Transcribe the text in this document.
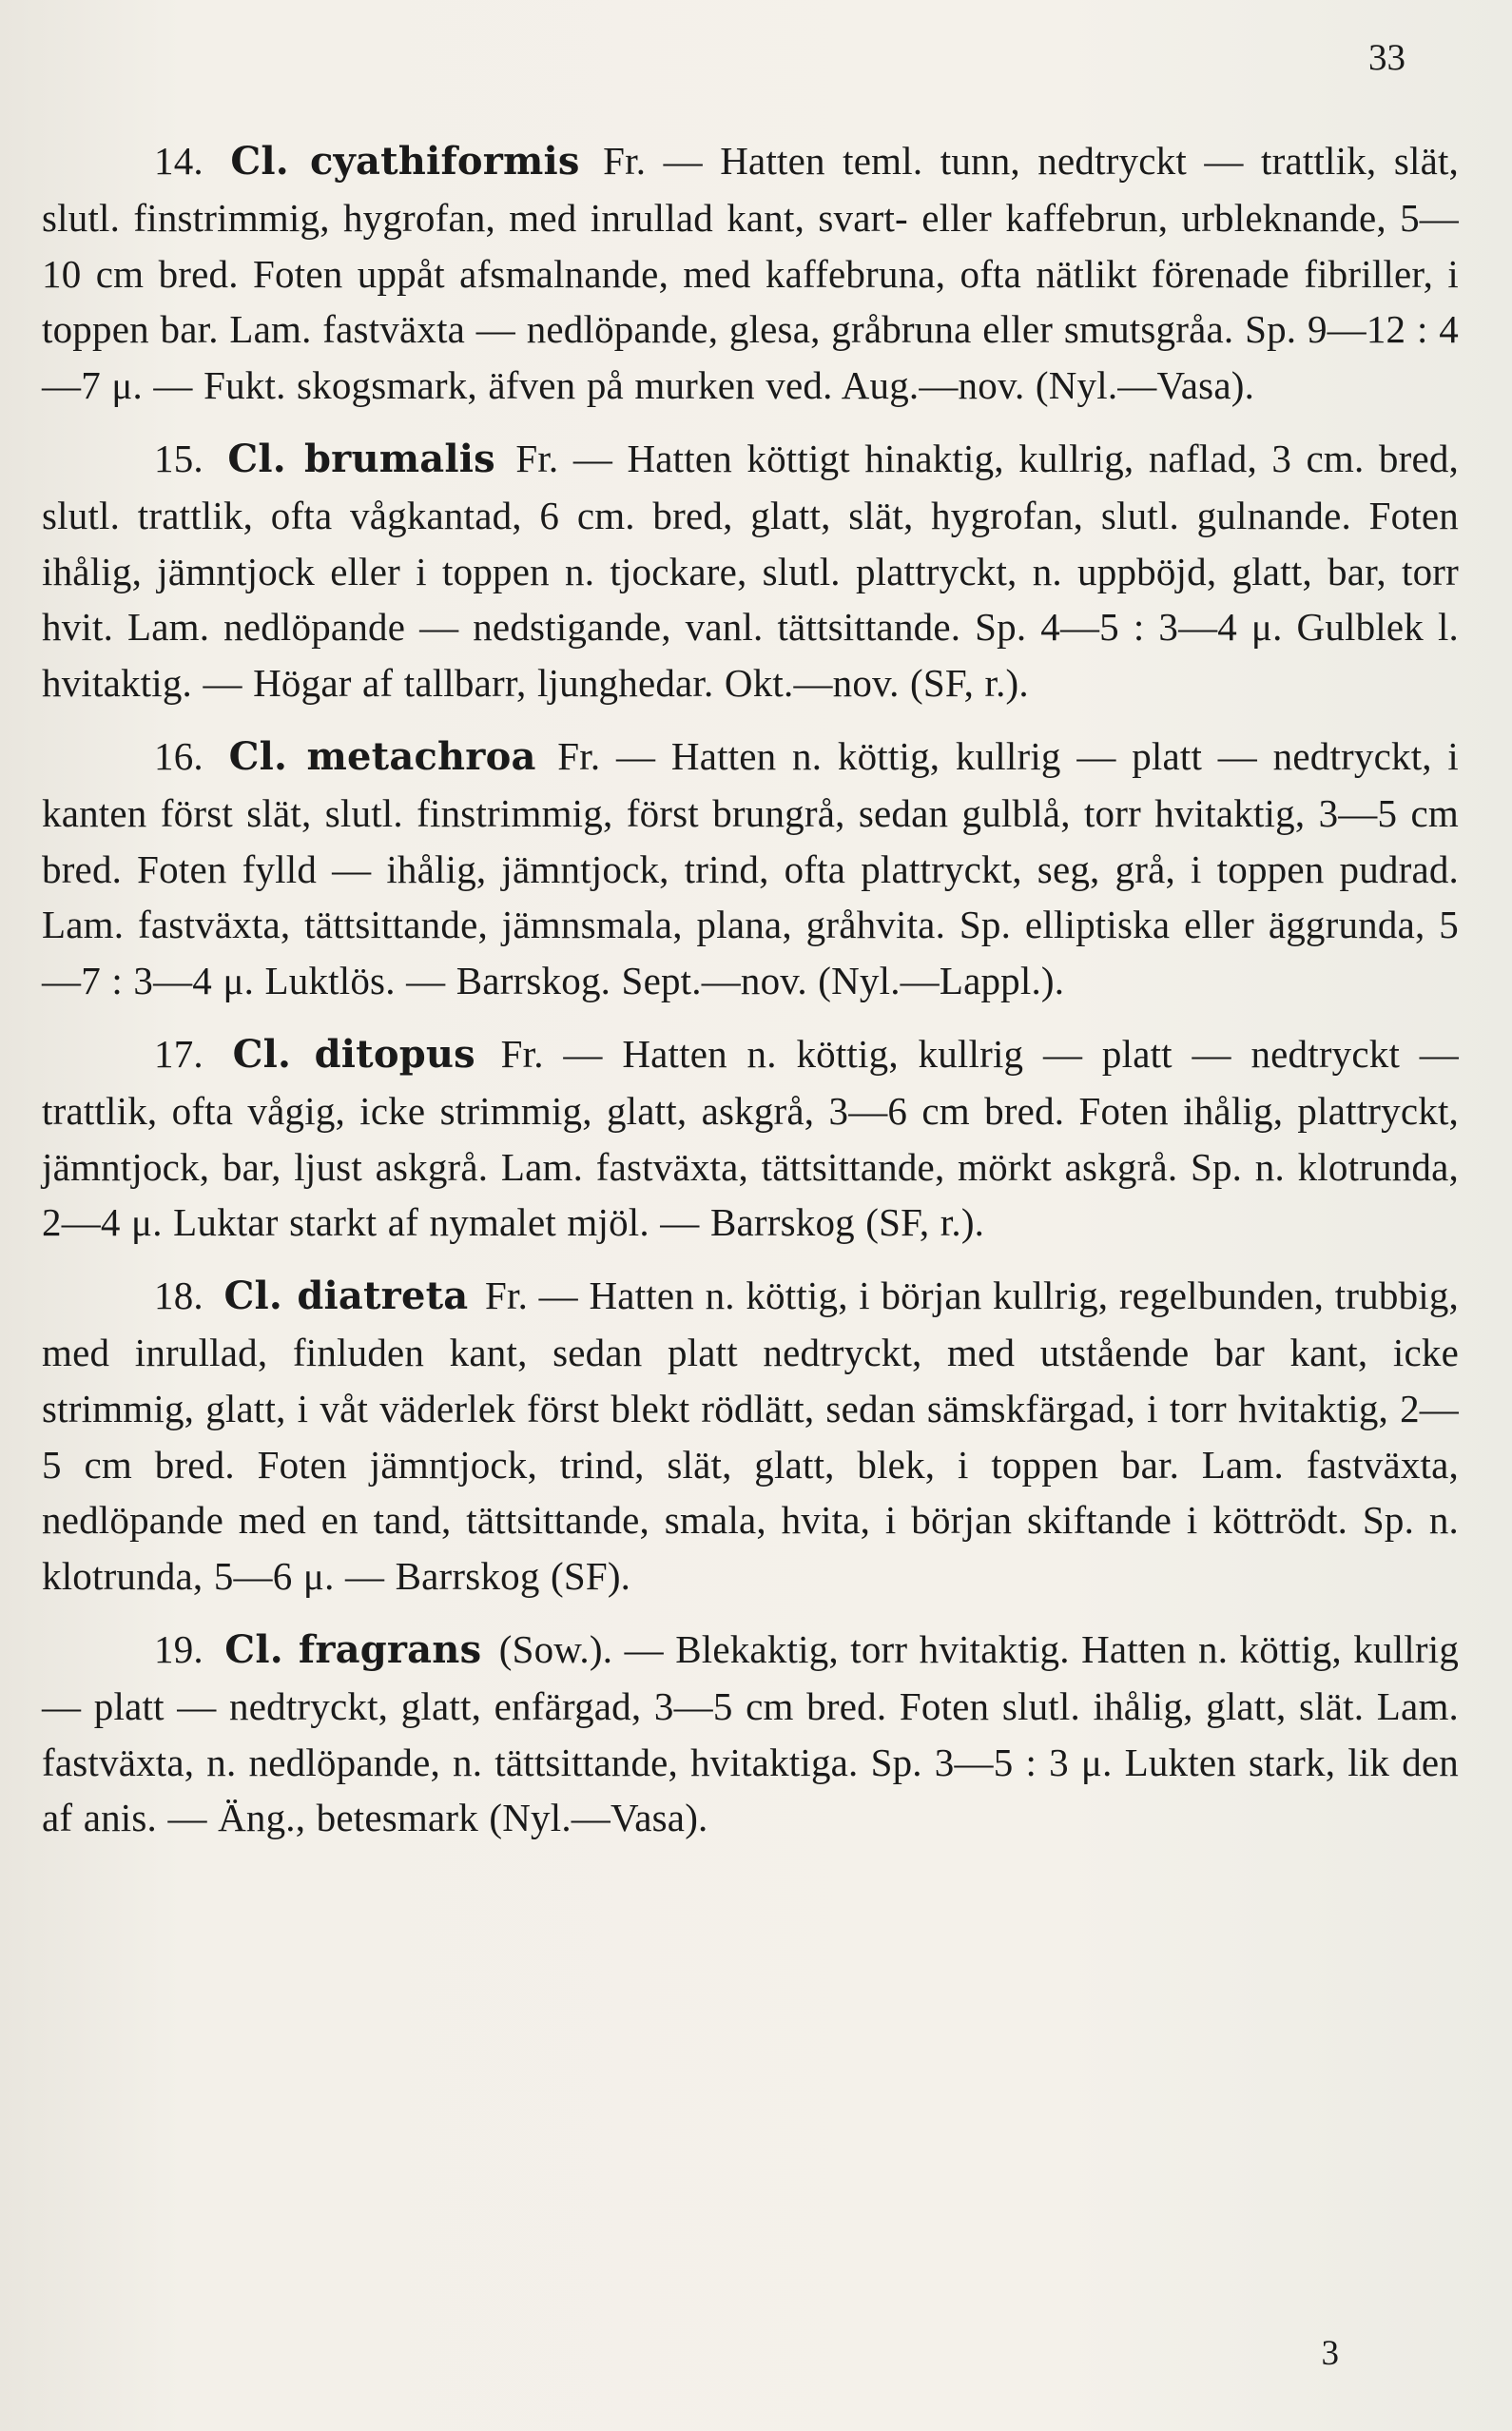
33

14. Cl. cyathiformis Fr. — Hatten teml. tunn, nedtryckt — trattlik, slät, slutl. finstrimmig, hygrofan, med inrullad kant, svart- eller kaffebrun, urbleknande, 5—10 cm bred. Foten uppåt afsmalnande, med kaffebruna, ofta nätlikt förenade fibriller, i toppen bar. Lam. fastväxta — nedlöpande, glesa, gråbruna eller smutsgråa. Sp. 9—12 : 4—7 μ. — Fukt. skogsmark, äfven på murken ved. Aug.—nov. (Nyl.—Vasa).

15. Cl. brumalis Fr. — Hatten köttigt hinaktig, kullrig, naflad, 3 cm. bred, slutl. trattlik, ofta vågkantad, 6 cm. bred, glatt, slät, hygrofan, slutl. gulnande. Foten ihålig, jämntjock eller i toppen n. tjockare, slutl. plattryckt, n. uppböjd, glatt, bar, torr hvit. Lam. nedlöpande — nedstigande, vanl. tättsittande. Sp. 4—5 : 3—4 μ. Gulblek l. hvitaktig. — Högar af tallbarr, ljunghedar. Okt.—nov. (SF, r.).

16. Cl. metachroa Fr. — Hatten n. köttig, kullrig — platt — nedtryckt, i kanten först slät, slutl. finstrimmig, först brungrå, sedan gulblå, torr hvitaktig, 3—5 cm bred. Foten fylld — ihålig, jämntjock, trind, ofta plattryckt, seg, grå, i toppen pudrad. Lam. fastväxta, tättsittande, jämnsmala, plana, gråhvita. Sp. elliptiska eller äggrunda, 5—7 : 3—4 μ. Luktlös. — Barrskog. Sept.—nov. (Nyl.—Lappl.).

17. Cl. ditopus Fr. — Hatten n. köttig, kullrig — platt — nedtryckt — trattlik, ofta vågig, icke strimmig, glatt, askgrå, 3—6 cm bred. Foten ihålig, plattryckt, jämntjock, bar, ljust askgrå. Lam. fastväxta, tättsittande, mörkt askgrå. Sp. n. klotrunda, 2—4 μ. Luktar starkt af nymalet mjöl. — Barrskog (SF, r.).

18. Cl. diatreta Fr. — Hatten n. köttig, i början kullrig, regelbunden, trubbig, med inrullad, finluden kant, sedan platt nedtryckt, med utstående bar kant, icke strimmig, glatt, i våt väderlek först blekt rödlätt, sedan sämskfärgad, i torr hvitaktig, 2—5 cm bred. Foten jämntjock, trind, slät, glatt, blek, i toppen bar. Lam. fastväxta, nedlöpande med en tand, tättsittande, smala, hvita, i början skiftande i köttrödt. Sp. n. klotrunda, 5—6 μ. — Barrskog (SF).

19. Cl. fragrans (Sow.). — Blekaktig, torr hvitaktig. Hatten n. köttig, kullrig — platt — nedtryckt, glatt, enfärgad, 3—5 cm bred. Foten slutl. ihålig, glatt, slät. Lam. fastväxta, n. nedlöpande, n. tättsittande, hvitaktiga. Sp. 3—5 : 3 μ. Lukten stark, lik den af anis. — Äng., betesmark (Nyl.—Vasa).

3
